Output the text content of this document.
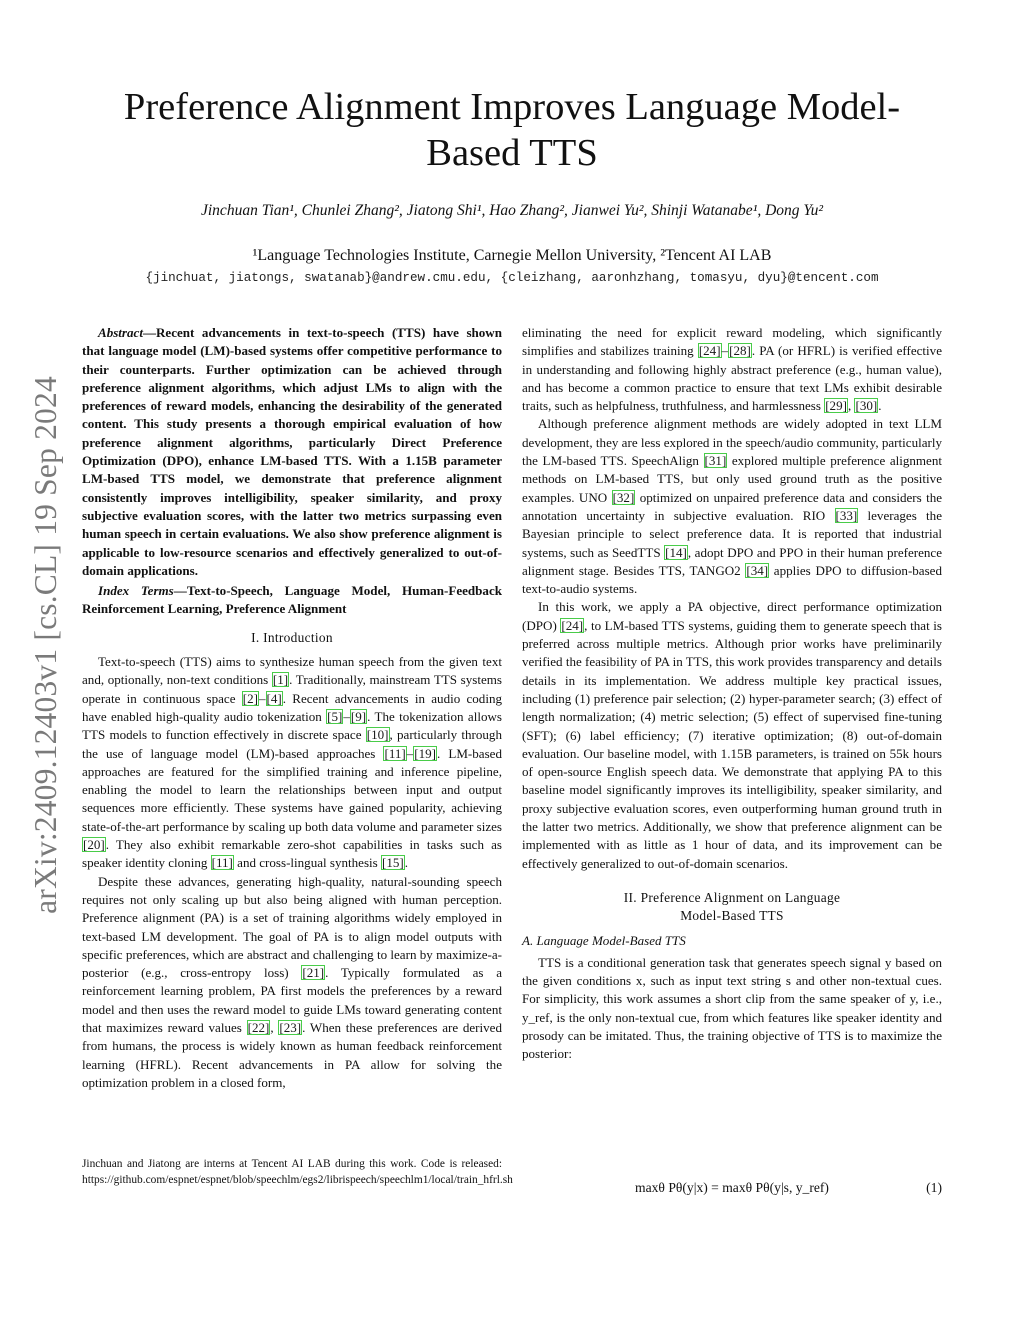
arXiv:2409.12403v1 [cs.CL] 19 Sep 2024
Preference Alignment Improves Language Model-Based TTS
Jinchuan Tian¹, Chunlei Zhang², Jiatong Shi¹, Hao Zhang², Jianwei Yu², Shinji Watanabe¹, Dong Yu²
¹Language Technologies Institute, Carnegie Mellon University, ²Tencent AI LAB
{jinchuat, jiatongs, swatanab}@andrew.cmu.edu, {cleizhang, aaronhzhang, tomasyu, dyu}@tencent.com

Abstract—Recent advancements in text-to-speech (TTS) have shown that language model (LM)-based systems offer competitive performance to their counterparts. Further optimization can be achieved through preference alignment algorithms, which adjust LMs to align with the preferences of reward models, enhancing the desirability of the generated content. This study presents a thorough empirical evaluation of how preference alignment algorithms, particularly Direct Preference Optimization (DPO), enhance LM-based TTS. With a 1.15B parameter LM-based TTS model, we demonstrate that preference alignment consistently improves intelligibility, speaker similarity, and proxy subjective evaluation scores, with the latter two metrics surpassing even human speech in certain evaluations. We also show preference alignment is applicable to low-resource scenarios and effectively generalized to out-of-domain applications.

Index Terms—Text-to-Speech, Language Model, Human-Feedback Reinforcement Learning, Preference Alignment

I. Introduction

Text-to-speech (TTS) aims to synthesize human speech from the given text and, optionally, non-text conditions [1]. Traditionally, mainstream TTS systems operate in continuous space [2]–[4]. Recent advancements in audio coding have enabled high-quality audio tokenization [5]–[9]. The tokenization allows TTS models to function effectively in discrete space [10], particularly through the use of language model (LM)-based approaches [11]–[19]. LM-based approaches are featured for the simplified training and inference pipeline, enabling the model to learn the relationships between input and output sequences more efficiently. These systems have gained popularity, achieving state-of-the-art performance by scaling up both data volume and parameter sizes [20]. They also exhibit remarkable zero-shot capabilities in tasks such as speaker identity cloning [11] and cross-lingual synthesis [15].

Despite these advances, generating high-quality, natural-sounding speech requires not only scaling up but also being aligned with human perception. Preference alignment (PA) is a set of training algorithms widely employed in text-based LM development. The goal of PA is to align model outputs with specific preferences, which are abstract and challenging to learn by maximize-a-posterior (e.g., cross-entropy loss) [21]. Typically formulated as a reinforcement learning problem, PA first models the preferences by a reward model and then uses the reward model to guide LMs toward generating content that maximizes reward values [22], [23]. When these preferences are derived from humans, the process is widely known as human feedback reinforcement learning (HFRL). Recent advancements in PA allow for solving the optimization problem in a closed form,

eliminating the need for explicit reward modeling, which significantly simplifies and stabilizes training [24]–[28]. PA (or HFRL) is verified effective in understanding and following highly abstract preference (e.g., human value), and has become a common practice to ensure that text LMs exhibit desirable traits, such as helpfulness, truthfulness, and harmlessness [29], [30].

Although preference alignment methods are widely adopted in text LLM development, they are less explored in the speech/audio community, particularly the LM-based TTS. SpeechAlign [31] explored multiple preference alignment methods on LM-based TTS, but only used ground truth as the positive examples. UNO [32] optimized on unpaired preference data and considers the annotation uncertainty in subjective evaluation. RIO [33] leverages the Bayesian principle to select preference data. It is reported that industrial systems, such as SeedTTS [14], adopt DPO and PPO in their human preference alignment stage. Besides TTS, TANGO2 [34] applies DPO to diffusion-based text-to-audio systems.

In this work, we apply a PA objective, direct performance optimization (DPO) [24], to LM-based TTS systems, guiding them to generate speech that is preferred across multiple metrics. Although prior works have preliminarily verified the feasibility of PA in TTS, this work provides transparency and details details in its implementation. We address multiple key practical issues, including (1) preference pair selection; (2) hyper-parameter search; (3) effect of length normalization; (4) metric selection; (5) effect of supervised fine-tuning (SFT); (6) label efficiency; (7) iterative optimization; (8) out-of-domain evaluation. Our baseline model, with 1.15B parameters, is trained on 55k hours of open-source English speech data. We demonstrate that applying PA to this baseline model significantly improves its intelligibility, speaker similarity, and proxy subjective evaluation scores, even outperforming human ground truth in the latter two metrics. Additionally, we show that preference alignment can be implemented with as little as 1 hour of data, and its improvement can be effectively generalized to out-of-domain scenarios.

II. Preference Alignment on Language
Model-Based TTS
A. Language Model-Based TTS

TTS is a conditional generation task that generates speech signal y based on the given conditions x, such as input text string s and other non-textual cues. For simplicity, this work assumes a short clip from the same speaker of y, i.e., y_ref, is the only non-textual cue, from which features like speaker identity and prosody can be imitated. Thus, the training objective of TTS is to maximize the posterior:

maxθ Pθ(y|x) = maxθ Pθ(y|s, y_ref)	(1)
Jinchuan and Jiatong are interns at Tencent AI LAB during this work. Code is released: https://github.com/espnet/espnet/blob/speechlm/egs2/librispeech/speechlm1/local/train_hfrl.sh
